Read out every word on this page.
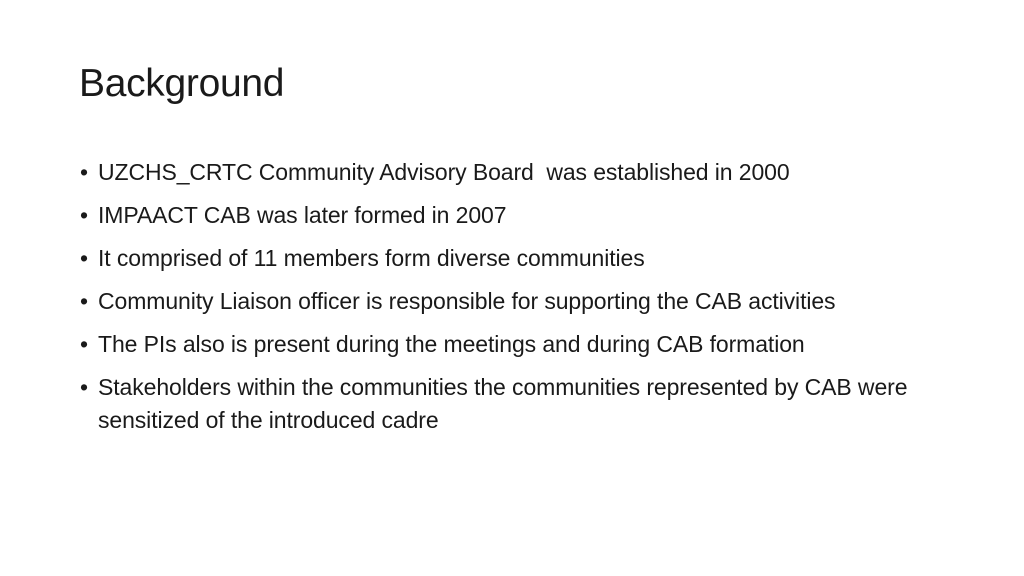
Background
• UZCHS_CRTC Community Advisory Board  was established in 2000
• IMPAACT CAB was later formed in 2007
• It comprised of 11 members form diverse communities
• Community Liaison officer is responsible for supporting the CAB activities
• The PIs also is present during the meetings and during CAB formation
• Stakeholders within the communities the communities represented by CAB were sensitized of the introduced cadre
